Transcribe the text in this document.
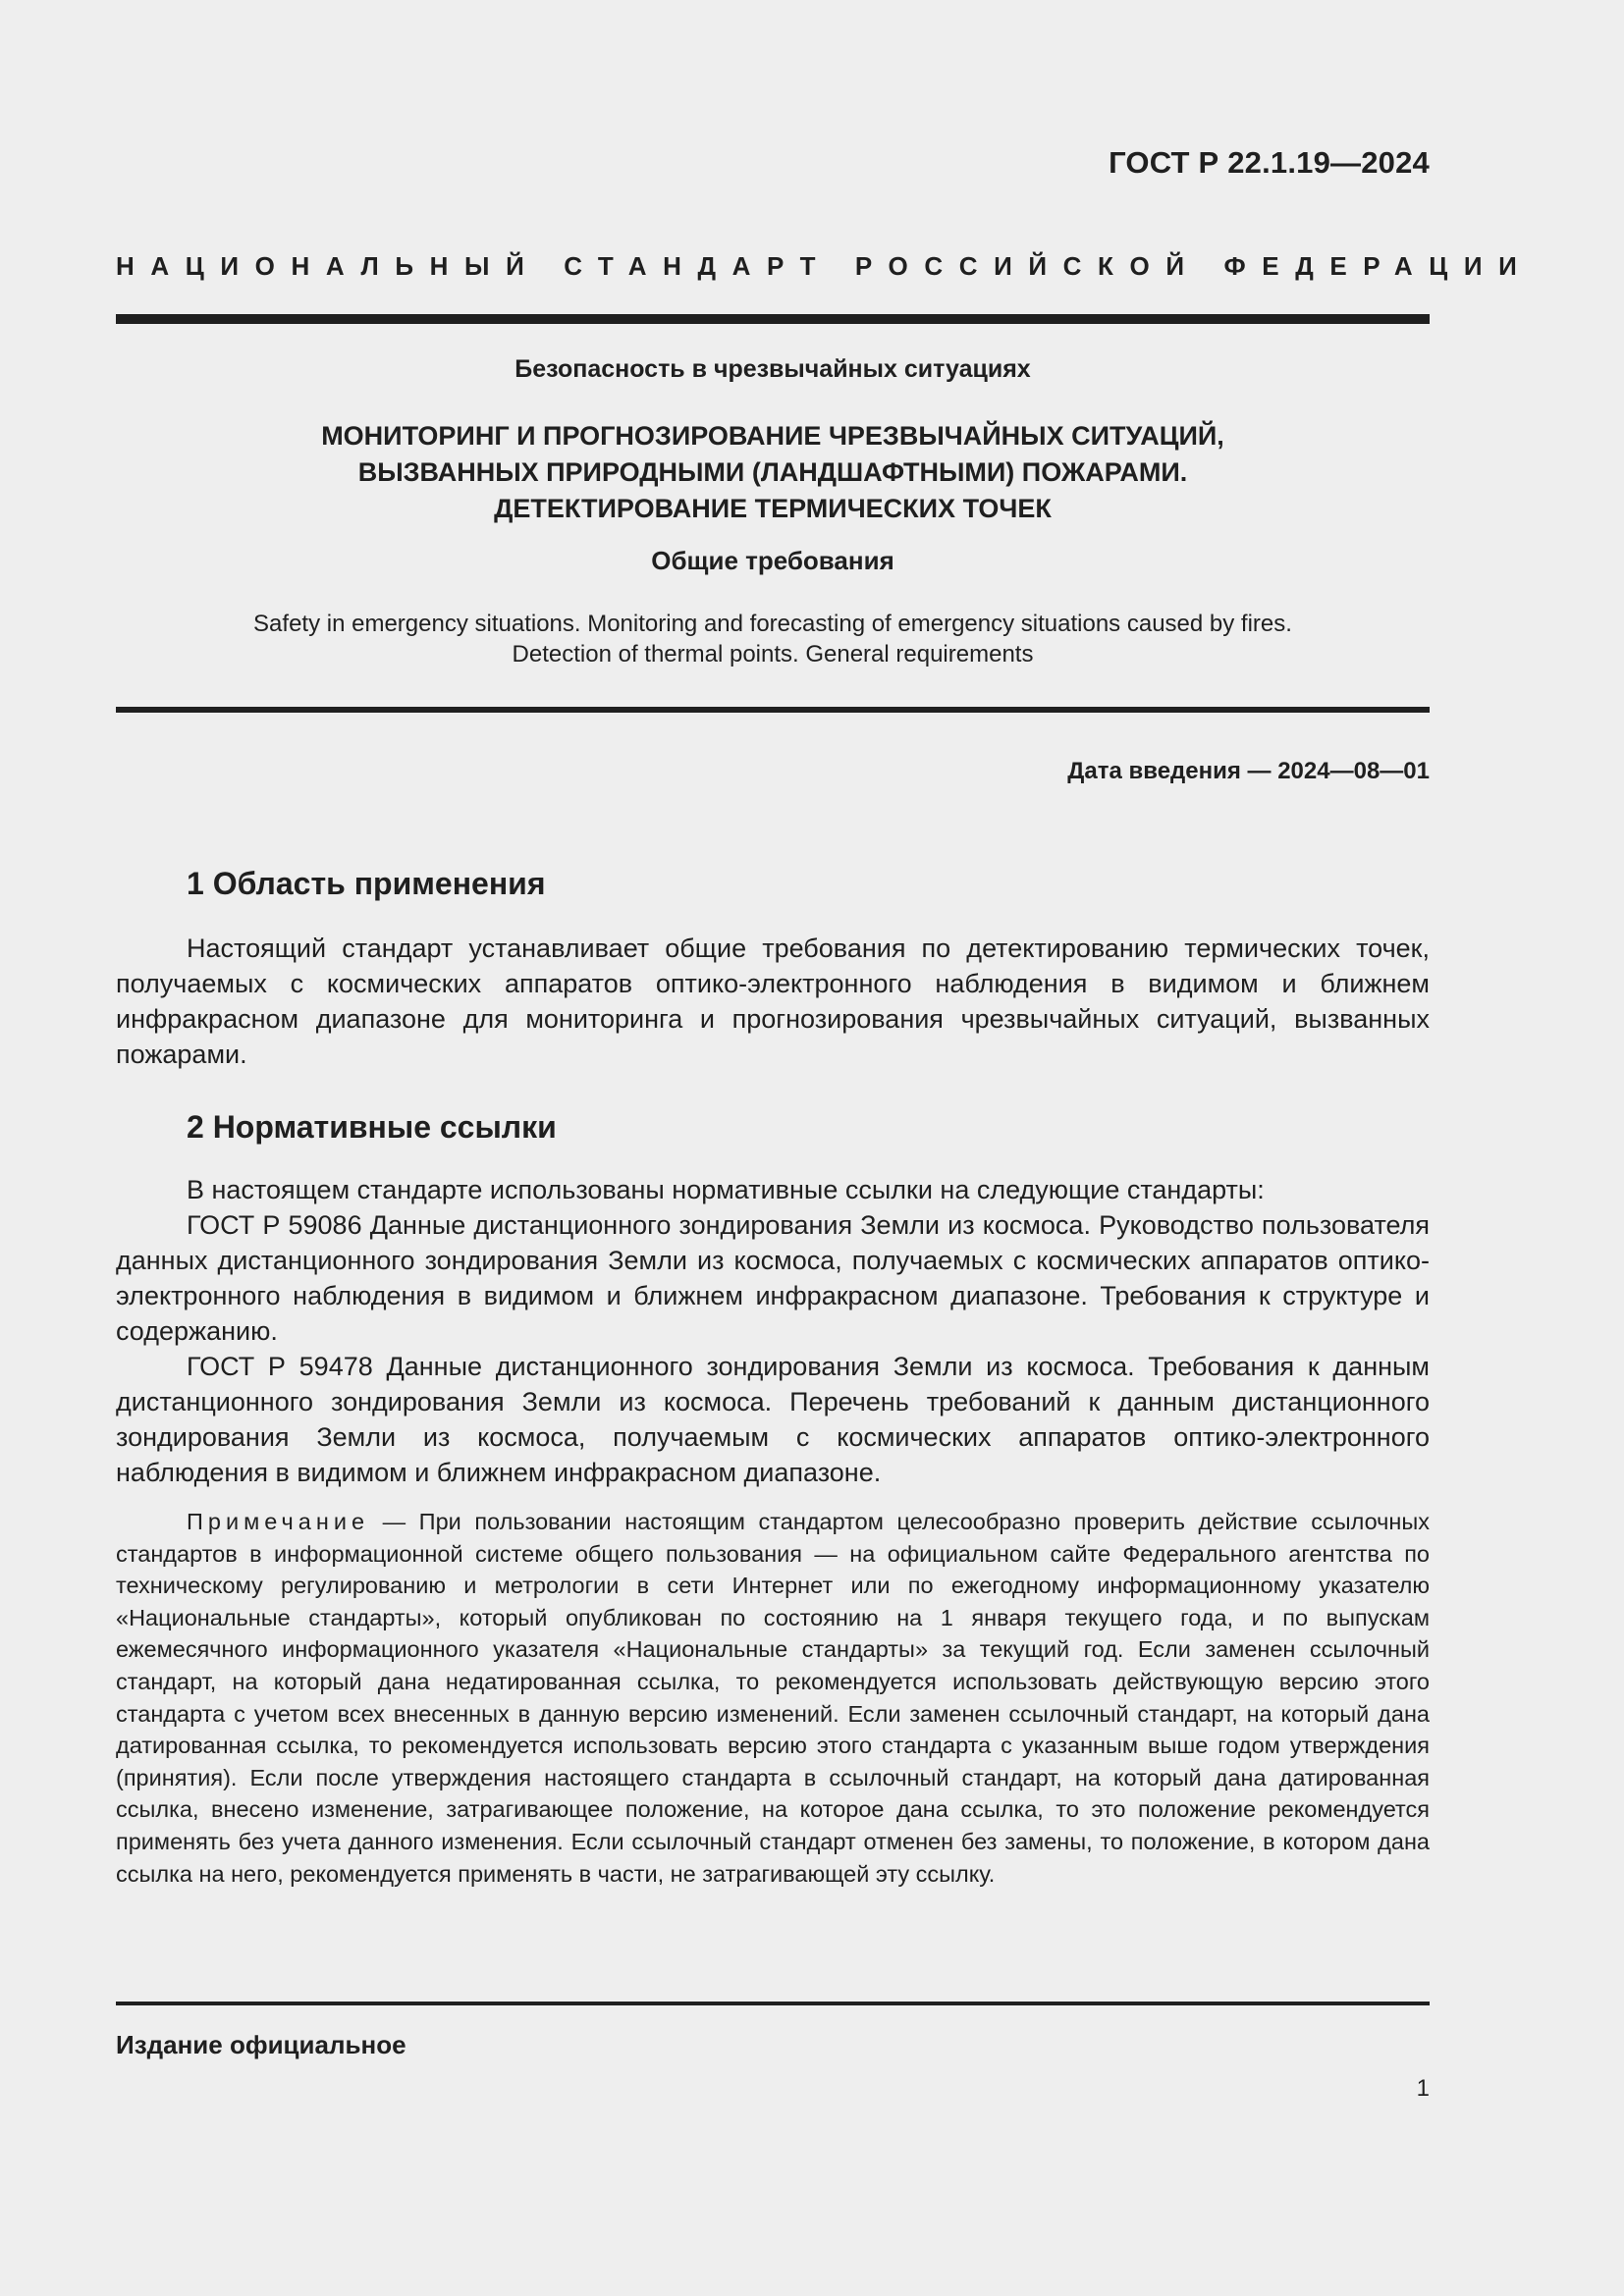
ГОСТ Р 22.1.19—2024
НАЦИОНАЛЬНЫЙ СТАНДАРТ РОССИЙСКОЙ ФЕДЕРАЦИИ
Безопасность в чрезвычайных ситуациях
МОНИТОРИНГ И ПРОГНОЗИРОВАНИЕ ЧРЕЗВЫЧАЙНЫХ СИТУАЦИЙ,
ВЫЗВАННЫХ ПРИРОДНЫМИ (ЛАНДШАФТНЫМИ) ПОЖАРАМИ.
ДЕТЕКТИРОВАНИЕ ТЕРМИЧЕСКИХ ТОЧЕК
Общие требования
Safety in emergency situations. Monitoring and forecasting of emergency situations caused by fires.
Detection of thermal points. General requirements
Дата введения — 2024—08—01
1 Область применения

Настоящий стандарт устанавливает общие требования по детектированию термических точек, получаемых с космических аппаратов оптико-электронного наблюдения в видимом и ближнем инфракрасном диапазоне для мониторинга и прогнозирования чрезвычайных ситуаций, вызванных пожарами.

2 Нормативные ссылки

В настоящем стандарте использованы нормативные ссылки на следующие стандарты:

ГОСТ Р 59086 Данные дистанционного зондирования Земли из космоса. Руководство пользователя данных дистанционного зондирования Земли из космоса, получаемых с космических аппаратов оптико-электронного наблюдения в видимом и ближнем инфракрасном диапазоне. Требования к структуре и содержанию.

ГОСТ Р 59478 Данные дистанционного зондирования Земли из космоса. Требования к данным дистанционного зондирования Земли из космоса. Перечень требований к данным дистанционного зондирования Земли из космоса, получаемым с космических аппаратов оптико-электронного наблюдения в видимом и ближнем инфракрасном диапазоне.

Примечание — При пользовании настоящим стандартом целесообразно проверить действие ссылочных стандартов в информационной системе общего пользования — на официальном сайте Федерального агентства по техническому регулированию и метрологии в сети Интернет или по ежегодному информационному указателю «Национальные стандарты», который опубликован по состоянию на 1 января текущего года, и по выпускам ежемесячного информационного указателя «Национальные стандарты» за текущий год. Если заменен ссылочный стандарт, на который дана недатированная ссылка, то рекомендуется использовать действующую версию этого стандарта с учетом всех внесенных в данную версию изменений. Если заменен ссылочный стандарт, на который дана датированная ссылка, то рекомендуется использовать версию этого стандарта с указанным выше годом утверждения (принятия). Если после утверждения настоящего стандарта в ссылочный стандарт, на который дана датированная ссылка, внесено изменение, затрагивающее положение, на которое дана ссылка, то это положение рекомендуется применять без учета данного изменения. Если ссылочный стандарт отменен без замены, то положение, в котором дана ссылка на него, рекомендуется применять в части, не затрагивающей эту ссылку.

Издание официальное
1
